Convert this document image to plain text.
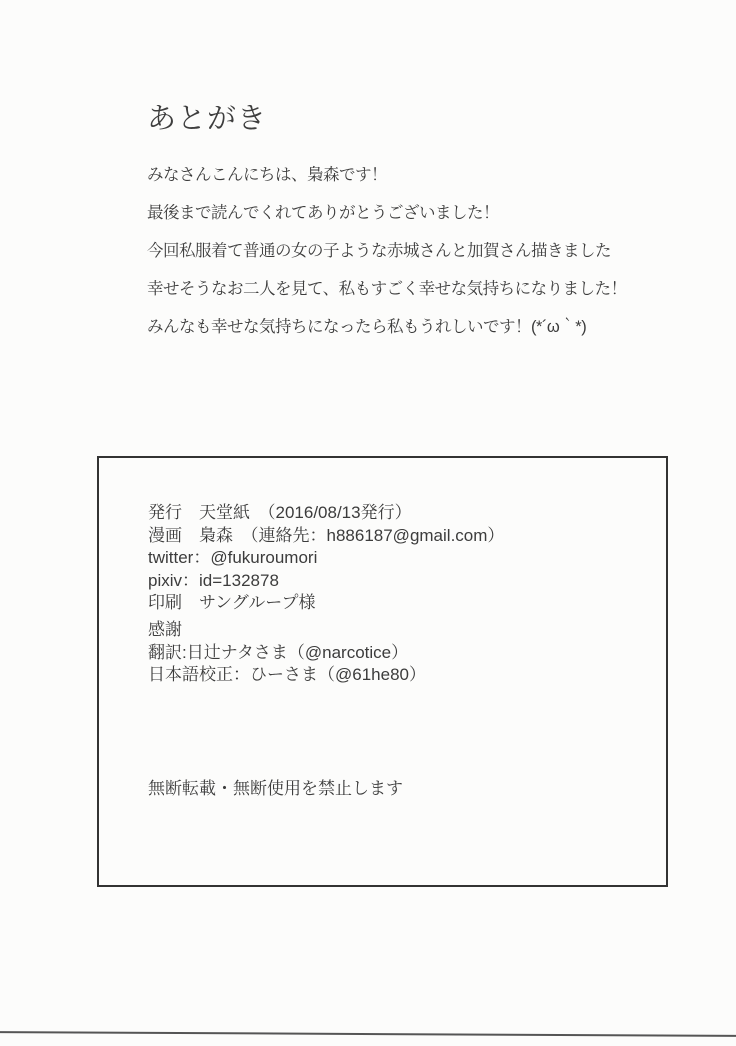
あとがき

みなさんこんにちは、梟森です！

最後まで読んでくれてありがとうございました！

今回私服着て普通の女の子ような赤城さんと加賀さん描きました

幸せそうなお二人を見て、私もすごく幸せな気持ちになりました！

みんなも幸せな気持ちになったら私もうれしいです！(*´ω｀*)

発行　天堂紙　（2016/08/13発行）

漫画　梟森　（連絡先：h886187@gmail.com）

twitter：@fukuroumori

pixiv：id=132878

印刷　サングループ様

感謝

翻訳:日辻ナタさま（@narcotice）

日本語校正：ひーさま（@61he80）

無断転載・無断使用を禁止します
